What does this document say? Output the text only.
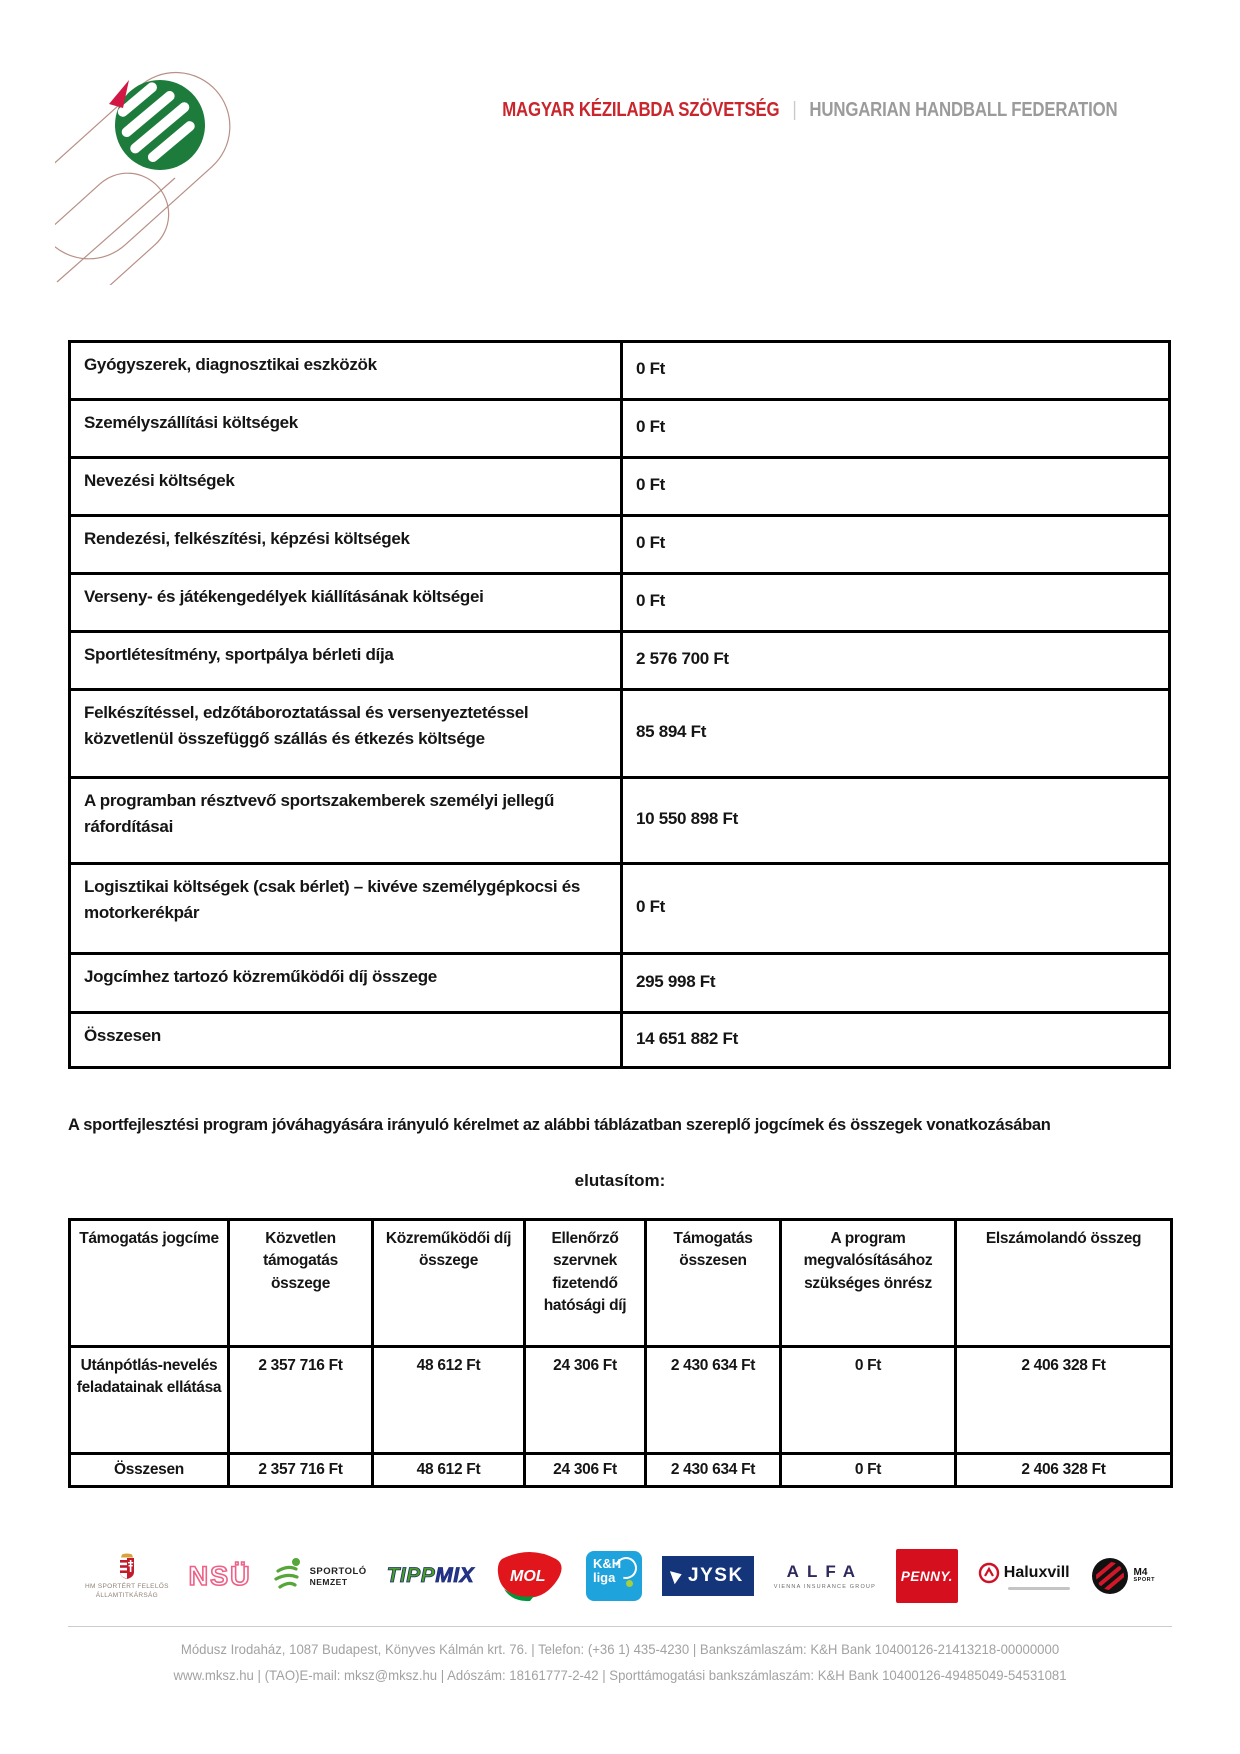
MAGYAR KÉZILABDA SZÖVETSÉG | HUNGARIAN HANDBALL FEDERATION
Gyógyszerek, diagnosztikai eszközök	0 Ft
Személyszállítási költségek	0 Ft
Nevezési költségek	0 Ft
Rendezési, felkészítési, képzési költségek	0 Ft
Verseny- és játékengedélyek kiállításának költségei	0 Ft
Sportlétesítmény, sportpálya bérleti díja	2 576 700 Ft
Felkészítéssel, edzőtáboroztatással és versenyeztetéssel közvetlenül összefüggő szállás és étkezés költsége	85 894 Ft
A programban résztvevő sportszakemberek személyi jellegű ráfordításai	10 550 898 Ft
Logisztikai költségek (csak bérlet) – kivéve személygépkocsi és motorkerékpár	0 Ft
Jogcímhez tartozó közreműködői díj összege	295 998 Ft
Összesen	14 651 882 Ft
A sportfejlesztési program jóváhagyására irányuló kérelmet az alábbi táblázatban szereplő jogcímek és összegek vonatkozásában
elutasítom:
Támogatás jogcíme	Közvetlen támogatás összege	Közreműködői díj összege	Ellenőrző szervnek fizetendő hatósági díj	Támogatás összesen	A program megvalósításához szükséges önrész	Elszámolandó összeg
Utánpótlás-nevelés feladatainak ellátása	2 357 716 Ft	48 612 Ft	24 306 Ft	2 430 634 Ft	0 Ft	2 406 328 Ft
Összesen	2 357 716 Ft	48 612 Ft	24 306 Ft	2 430 634 Ft	0 Ft	2 406 328 Ft
HM SPORTÉRT FELELŐS
ÁLLAMTITKÁRSÁG
NSÜ	SPORTOLÓ
NEMZET	TIPPMIX MOL
K&H
liga	JYSK	ALFA
VIENNA INSURANCE GROUP
PENNY.	Haluxvill	M4
SPORT
Módusz Irodaház, 1087 Budapest, Könyves Kálmán krt. 76. | Telefon: (+36 1) 435-4230 | Bankszámlaszám: K&H Bank 10400126-21413218-00000000
www.mksz.hu | (TAO)E-mail: mksz@mksz.hu | Adószám: 18161777-2-42 | Sporttámogatási bankszámlaszám: K&H Bank 10400126-49485049-54531081
